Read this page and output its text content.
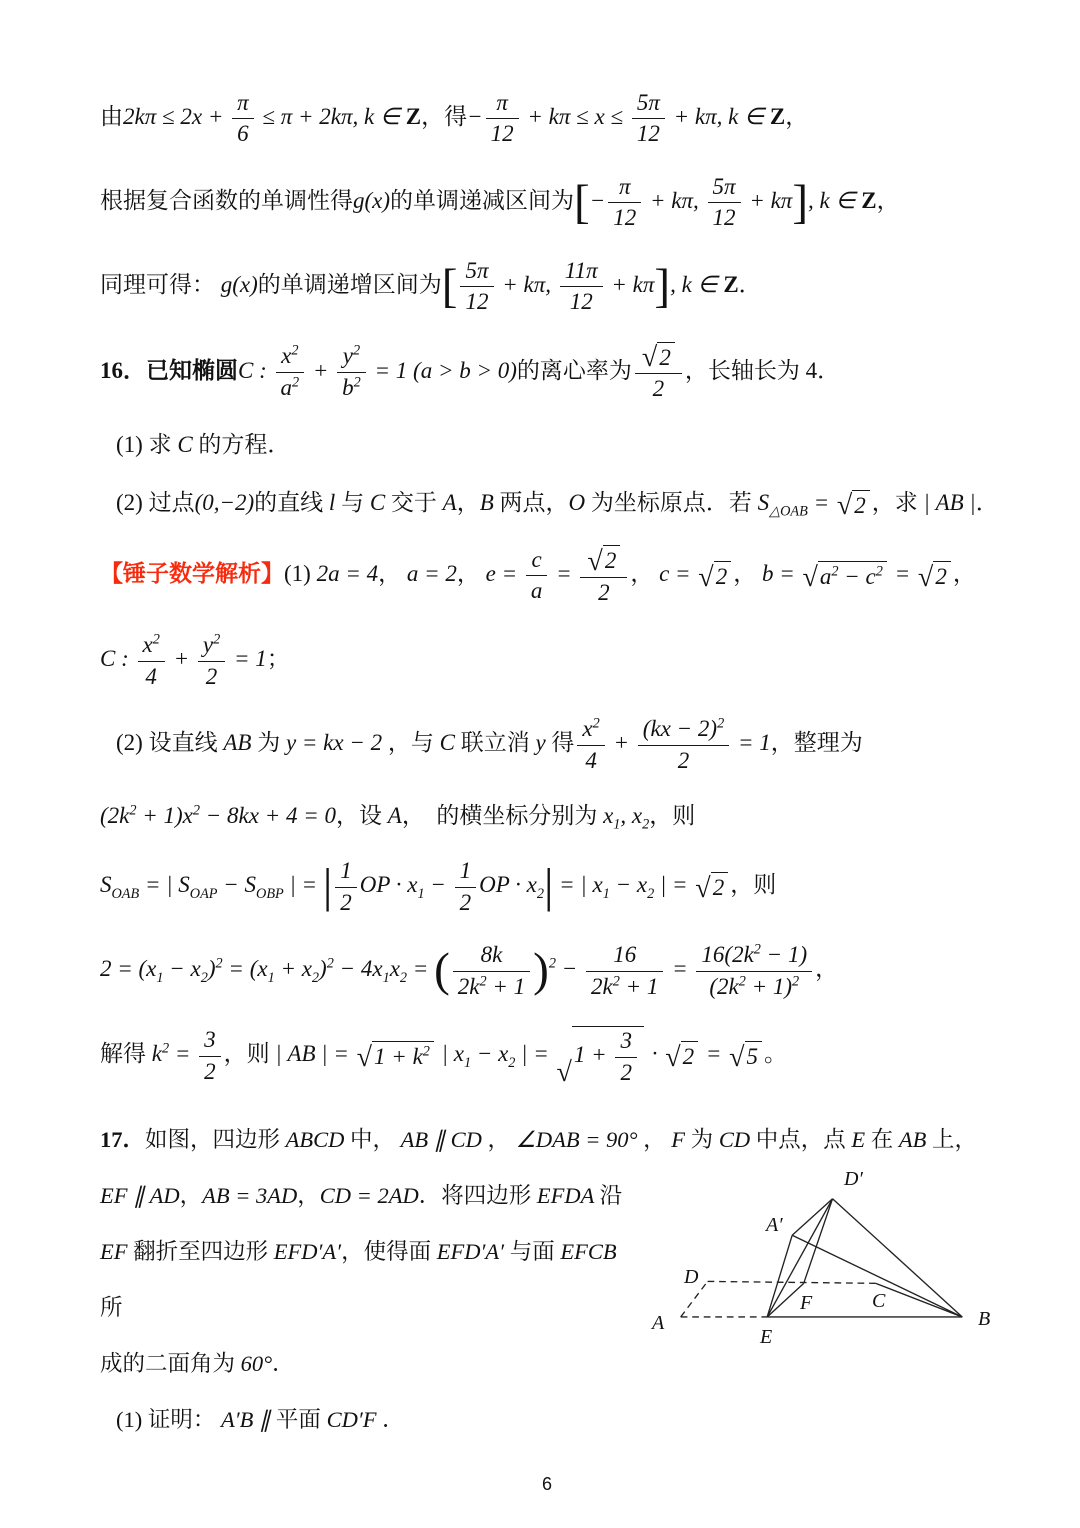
由$2k\pi \le 2x + \frac{\pi}{6} \le \pi + 2k\pi$, k ∈ Z，得− $\frac{\pi}{12} + k\pi \le x \le \frac{5\pi}{12} + k\pi$, k ∈ Z，
根据复合函数的单调性得g(x)的单调递减区间为[− $\frac{\pi}{12} + k\pi$, $\frac{5\pi}{12} + k\pi$], k ∈ Z，
同理可得： g(x)的单调递增区间为[ $\frac{5\pi}{12} + k\pi$, $\frac{11\pi}{12} + k\pi$], k ∈ Z．
16．已知椭圆C : $\frac{x^2}{a^2} + \frac{y^2}{b^2} = 1$ (a > b > 0)的离心率为 $\frac{√ 2}{2}$ ，长轴长为 4．
(1) 求 C 的方程．
(2) 过点(0,−2)的直线 l 与 C 交于 A，B 两点，O 为坐标原点．若 $S_{\triangle OAB}$ = √ 2 ，求 | AB |．
【锤子数学解析】(1) 2a = 4， a = 2， $e = \frac{c}{a} = \frac{√ 2}{2}$ ， c = √ 2 ， b = √ $a^2 - c^2$ = √ 2 ，
C : $\frac{x^2}{4} + \frac{y^2}{2} = 1$；
(2) 设直线 AB 为 y = kx − 2 ，与 C 联立消 y 得 $\frac{x^2}{4} + \frac{(kx - 2)^2}{2} = 1$，整理为
$(2k^2 + 1)x^2 - 8kx + 4 = 0$，设 A，　的横坐标分别为 $x_1$, $x_2$，则
$S_{OAB}$ = | $S_{OAP} - S_{OBP}$ | = | $\frac{1}{2}$ OP · $x_1 - \frac{1}{2}$ OP · $x_2|$ = | $x_1 - x_2$ | = √ 2 ，则
$2 = (x_1 - x_2)^2 = (x_1 + x_2)^2 - 4x_1x_2$ = ( $\frac{8k}{2k^2 + 1} )^2 - \frac{16}{2k^2 + 1} = \frac{16(2k^2 - 1)}{(2k^2 + 1)^2}$ ，
解得 $k^2 = \frac{3}{2}$ ，则 | AB | = √ $1 + k^2$ | $x_1 - x_2$ | =
√
$1 + \frac{3}{2}$ · √ 2 = √ 5 。
17．如图，四边形 ABCD 中， AB ∥ CD ， ∠DAB = 90° ， F 为 CD 中点，点 E 在 AB 上，
EF ∥ AD，AB = 3AD，CD = 2AD．将四边形 EFDA 沿
EF 翻折至四边形 EFD′A′，使得面 EFD′A′ 与面 EFCB 所
成的二面角为 60°．
(1) 证明： A′B ∥ 平面 CD′F ．
D′
A′
D
F	C
A
E
B
6
